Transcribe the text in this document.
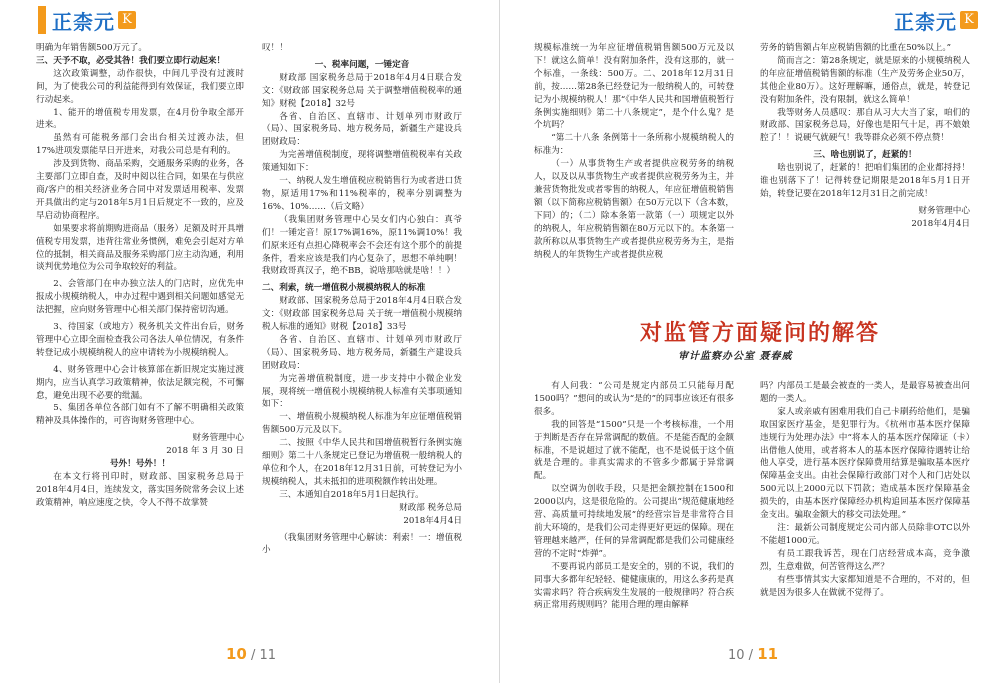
正柰元 K	正柰元 K

明确为年销售额500万元了。

三、天予不取，必受其咎！我们要立即行动起来！

这次政策调整，动作很快，中间几乎没有过渡时间，为了使我公司的利益能得到有效保证，我们要立即行动起来。

1、能开的增值税专用发票，在4月份争取全部开进来。

虽然有可能税务部门会出台相关过渡办法，但17%进项发票能早日开进来，对我公司总是有利的。

涉及到货物、商品采购，交通服务采购的业务，各主要部门立即自查，及时申阅以往合同，如果在与供应商/客户的相关经济业务合同中对发票适用税率、发票开具做出约定与2018年5月1日后规定不一致的，应及早启动协商程序。

如果要求将前期购进商品（服务）足额及时开具增值税专用发票，违背往常业务惯例，难免会引起对方单位的抵制，相关商品及服务采购部门应主动沟通，利用谈判优势地位为公司争取较好的利益。

2、会管部门在申办独立法人的门店时，应优先申报成小规模纳税人，申办过程中遇到相关问题如感觉无法把握，应向财务管理中心相关部门保持密切沟通。

3、待国家（或地方）税务机关文件出台后，财务管理中心立即全面检查我公司各法人单位情况，有条件转登记成小规模纳税人的应申请转为小规模纳税人。

4、财务管理中心会计核算部在新旧规定实施过渡期内，应当认真学习政策精神，依法足额完税，不可懈怠，避免出现不必要的纰漏。

5、集团各单位各部门如有不了解不明确相关政策精神及具体操作的，可咨询财务管理中心。

财务管理中心

2018 年 3 月 30 日

号外！号外！！

在本文行将刊印时，财政部、国家税务总局于2018年4月4日，连续发文，落实国务院常务会议上述政策精神，响应速度之快，令人不得不故掌赞

叹！！

一、税率问题，一锤定音

财政部 国家税务总局于2018年4月4日联合发文：《财政部 国家税务总局 关于调整增值税税率的通知》财税【2018】32号

各省、自治区、直辖市、计划单列市财政厅（局）、国家税务局、地方税务局，新疆生产建设兵团财政局：

为完善增值税制度，现将调整增值税税率有关政策通知如下：

一、纳税人发生增值税应税销售行为或者进口货物，原适用17%和11%税率的，税率分别调整为16%、10%……（后文略）

（我集团财务管理中心吴女们内心独白：真爷们！一锤定音！原17%调16%，原11%调10%！我们原来还有点担心降税率会不会还有这个那个的前提条件，看来应该是我们内心复杂了，思想不单纯啊！我财政哥真汉子，绝不BB，说啥那啥就是啥！！）

二、利索，统一增值税小规模纳税人的标准

财政部、国家税务总局于2018年4月4日联合发文：《财政部 国家税务总局 关于统一增值税小规模纳税人标准的通知》财税【2018】33号

各省、自治区、直辖市、计划单列市财政厅（局）、国家税务局、地方税务局，新疆生产建设兵团财政局：

为完善增值税制度，进一步支持中小微企业发展，现将统一增值税小规模纳税人标准有关事项通知如下：

一、增值税小规模纳税人标准为年应征增值税销售额500万元及以下。

二、按照《中华人民共和国增值税暂行条例实施细则》第二十八条规定已登记为增值税一般纳税人的单位和个人，在2018年12月31日前，可转登记为小规模纳税人，其未抵扣的进项税额作转出处理。

三、本通知自2018年5月1日起执行。

财政部 税务总局

2018年4月4日

（我集团财务管理中心解读：利索！一：增值税小

规模标准统一为年应征增值税销售额500万元及以下！就这么简单！没有附加条件，没有这那的，就一个标准，一条线：500万。二、2018年12月31日前，按……第28条已经登记为一般纳税人的，可转登记为小规模纳税人！那“《中华人民共和国增值税暂行条例实施细则》第二十八条规定”，是个什么鬼？是个坑吗？

“第二十八条 条例第十一条所称小规模纳税人的标准为：

（一）从事货物生产或者提供应税劳务的纳税人，以及以从事货物生产或者提供应税劳务为主，并兼营货物批发或者零售的纳税人，年应征增值税销售额（以下简称应税销售额）在50万元以下（含本数，下同）的；（二）除本条第一款第（一）项规定以外的纳税人，年应税销售额在80万元以下的。本条第一款所称以从事货物生产或者提供应税劳务为主，是指纳税人的年货物生产或者提供应税

劳务的销售额占年应税销售额的比重在50%以上。”

简而言之：第28条规定，就是原来的小规模纳税人的年应征增值税销售额的标准（生产及劳务企业50万，其他企业80万）。这好理解嘛，通俗点，就是，转登记没有附加条件，没有限制，就这么简单！

我等财务人员感叹：那自从习大大当了家，咱们的财政部、国家税务总局，好像也是阳气十足，再不娘娘腔了！！说硬气就硬气！我等群众必须不停点赞！

三、啥也别说了，赶紧的！

啥也别说了，赶紧的！把咱们集团的企业都捋捋！谁也别落下了！记得转登记期限是2018年5月1日开始，转登记要在2018年12月31日之前完成！

财务管理中心

2018年4月4日

对监管方面疑问的解答
审计监察办公室 聂春威

有人问我：“公司是规定内部员工只能每月配1500吗？”想问的或认为“是的”的同事应该还有很多很多。

我的回答是“1500”只是一个考核标准，一个用于判断是否存在异常调配的数值。不是能否配的金额标准，不是说超过了就不能配，也不是说低于这个值就是合理的。非真实需求的不管多少都属于异常调配。

以空调为创收手段，只是把金额控制在1500和2000以内，这是很危险的。公司提出“规范健康地经营、高质量可持续地发展”的经营宗旨是非常符合目前大环境的，是我们公司走得更好更远的保障。现在管理越来越严，任何的异常调配都是我们公司健康经营的不定时“炸弹”。

不要再说内部员工是安全的，别的不说，我们的同事大多都年纪轻轻、健健康康的，用这么多药是真实需求吗？符合疾病发生发展的一般规律吗？符合疾病正常用药规则吗？能用合理的理由解释

吗？内部员工是最会被查的一类人，是最容易被查出问题的一类人。

家人或亲戚有困难用我们自己卡刷药给他们，是骗取国家医疗基金，是犯罪行为。《杭州市基本医疗保障违规行为处理办法》中“将本人的基本医疗保障证（卡）出借他人使用，或者将本人的基本医疗保障待遇转让给他人享受，进行基本医疗保障费用结算是骗取基本医疗保障基金支出。由社会保障行政部门对个人和门店处以500元以上2000元以下罚款；造成基本医疗保障基金损失的，由基本医疗保障经办机构追回基本医疗保障基金支出。骗取金额大的移交司法处理。”

注：最新公司制度规定公司内部人员除非OTC以外不能超1000元。

有员工跟我诉苦，现在门店经营成本高，竞争激烈，生意难做，何苦管得这么严？

有些事情其实大家都知道是不合理的，不对的，但就是因为很多人在做就不觉得了。

10 / 11	10 / 11
